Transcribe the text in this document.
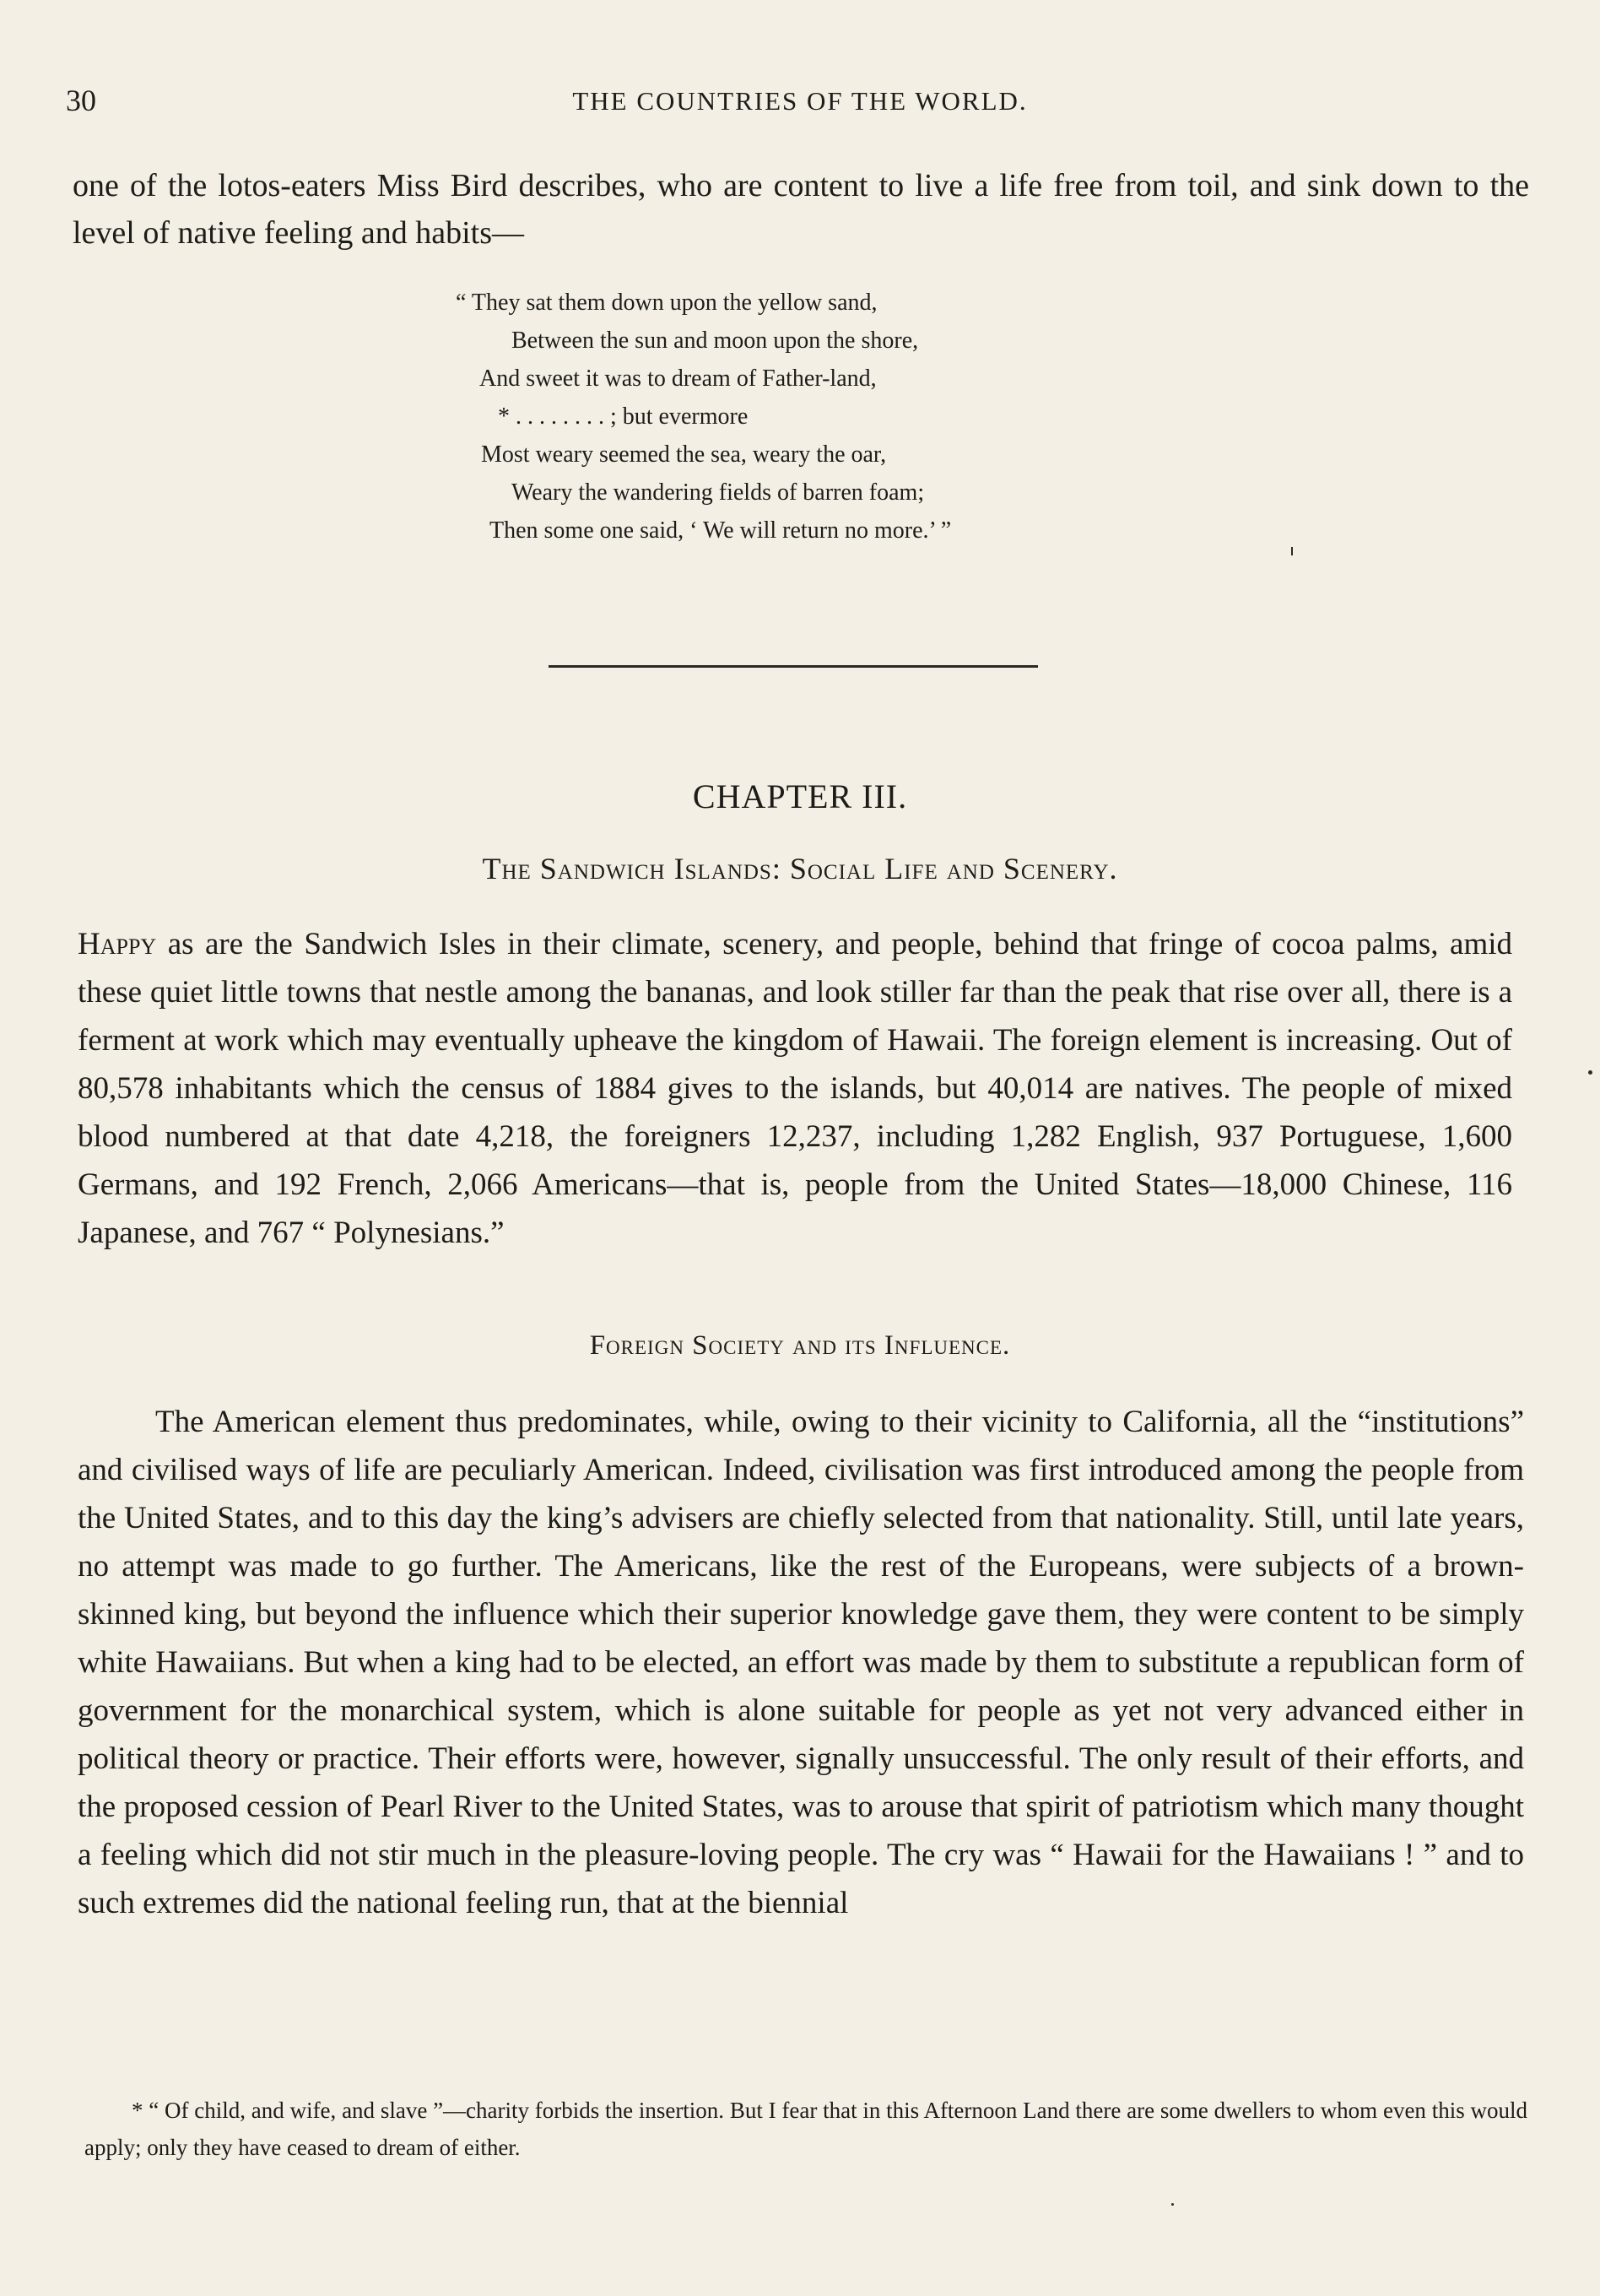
30	THE COUNTRIES OF THE WORLD.

one of the lotos-eaters Miss Bird describes, who are content to live a life free from toil, and sink down to the level of native feeling and habits—

“ They sat them down upon the yellow sand,
Between the sun and moon upon the shore,
And sweet it was to dream of Father-land,
* . . . . . . . . ; but evermore
Most weary seemed the sea, weary the oar,
Weary the wandering fields of barren foam;
Then some one said, ‘ We will return no more.’ ”
CHAPTER III.
The Sandwich Islands: Social Life and Scenery.

Happy as are the Sandwich Isles in their climate, scenery, and people, behind that fringe of cocoa palms, amid these quiet little towns that nestle among the bananas, and look stiller far than the peak that rise over all, there is a ferment at work which may eventually upheave the kingdom of Hawaii. The foreign element is increasing. Out of 80,578 inhabitants which the census of 1884 gives to the islands, but 40,014 are natives. The people of mixed blood numbered at that date 4,218, the foreigners 12,237, including 1,282 English, 937 Portuguese, 1,600 Germans, and 192 French, 2,066 Americans—that is, people from the United States—18,000 Chinese, 116 Japanese, and 767 “ Polynesians.”

Foreign Society and its Influence.

The American element thus predominates, while, owing to their vicinity to California, all the “institutions” and civilised ways of life are peculiarly American. Indeed, civilisation was first introduced among the people from the United States, and to this day the king’s advisers are chiefly selected from that nationality. Still, until late years, no attempt was made to go further. The Americans, like the rest of the Europeans, were subjects of a brown-skinned king, but beyond the influence which their superior knowledge gave them, they were content to be simply white Hawaiians. But when a king had to be elected, an effort was made by them to substitute a republican form of government for the monarchical system, which is alone suitable for people as yet not very advanced either in political theory or practice. Their efforts were, however, signally unsuccessful. The only result of their efforts, and the proposed cession of Pearl River to the United States, was to arouse that spirit of patriotism which many thought a feeling which did not stir much in the pleasure-loving people. The cry was “ Hawaii for the Hawaiians ! ” and to such extremes did the national feeling run, that at the biennial

* “ Of child, and wife, and slave ”—charity forbids the insertion. But I fear that in this Afternoon Land there are some dwellers to whom even this would apply; only they have ceased to dream of either.
